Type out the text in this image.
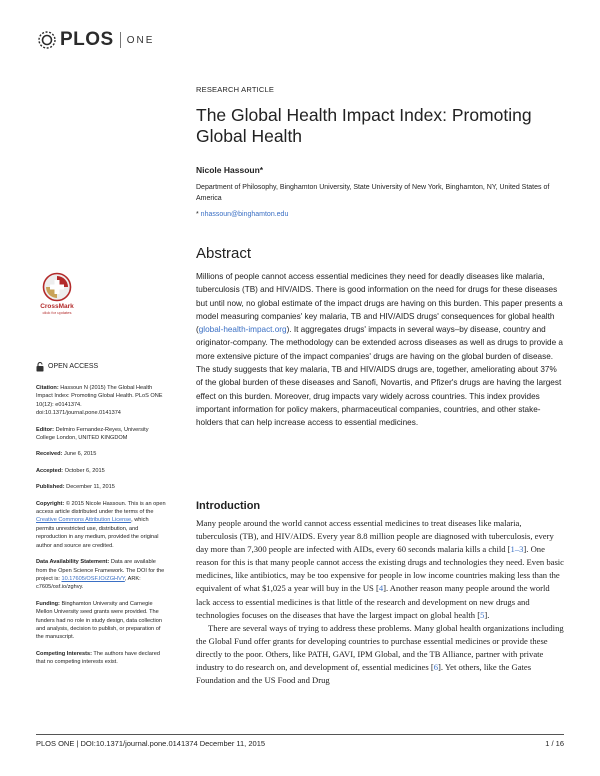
PLOS ONE
RESEARCH ARTICLE
The Global Health Impact Index: Promoting Global Health
Nicole Hassoun*
Department of Philosophy, Binghamton University, State University of New York, Binghamton, NY, United States of America
* nhassoun@binghamton.edu
Abstract
Millions of people cannot access essential medicines they need for deadly diseases like malaria, tuberculosis (TB) and HIV/AIDS. There is good information on the need for drugs for these diseases but until now, no global estimate of the impact drugs are having on this burden. This paper presents a model measuring companies' key malaria, TB and HIV/AIDS drugs' consequences for global health (global-health-impact.org). It aggregates drugs' impacts in several ways–by disease, country and originator-company. The methodology can be extended across diseases as well as drugs to provide a more extensive picture of the impact companies' drugs are having on the global burden of disease. The study suggests that key malaria, TB and HIV/AIDS drugs are, together, ameliorating about 37% of the global burden of these diseases and Sanofi, Novartis, and Pfizer's drugs are having the largest effect on this burden. Moreover, drug impacts vary widely across countries. This index provides important information for policy makers, pharmaceutical companies, countries, and other stake-holders that can help increase access to essential medicines.
CrossMark
click for updates
OPEN ACCESS
Citation: Hassoun N (2015) The Global Health Impact Index: Promoting Global Health. PLoS ONE 10(12): e0141374. doi:10.1371/journal.pone.0141374
Editor: Delmiro Fernandez-Reyes, University College London, UNITED KINGDOM
Received: June 6, 2015
Accepted: October 6, 2015
Published: December 11, 2015
Copyright: © 2015 Nicole Hassoun. This is an open access article distributed under the terms of the Creative Commons Attribution License, which permits unrestricted use, distribution, and reproduction in any medium, provided the original author and source are credited.
Data Availability Statement: Data are available from the Open Science Framework. The DOI for the project is: 10.17605/OSF.IO/ZGHVY, ARK: c7605/osf.io/zghvy.
Funding: Binghamton University and Carnegie Mellon University seed grants were provided. The funders had no role in study design, data collection and analysis, decision to publish, or preparation of the manuscript.
Competing Interests: The authors have declared that no competing interests exist.
Introduction

Many people around the world cannot access essential medicines to treat diseases like malaria, tuberculosis (TB), and HIV/AIDS. Every year 8.8 million people are diagnosed with tuberculosis, every day more than 7,300 people are infected with AIDs, every 60 seconds malaria kills a child [1–3]. One reason for this is that many people cannot access the existing drugs and technologies they need. Even basic medicines, like antibiotics, may be too expensive for people in low income countries making less than the equivalent of what $1,025 a year will buy in the US [4]. Another reason many people around the world lack access to essential medicines is that little of the research and development on new drugs and technologies focuses on the diseases that have the largest impact on global health [5].

There are several ways of trying to address these problems. Many global health organizations including the Global Fund offer grants for developing countries to purchase essential medicines or provide these directly to the poor. Others, like PATH, GAVI, IPM Global, and the TB Alliance, partner with private industry to do research on, and development of, essential medicines [6]. Yet others, like the Gates Foundation and the US Food and Drug

PLOS ONE | DOI:10.1371/journal.pone.0141374 December 11, 2015	1 / 16
